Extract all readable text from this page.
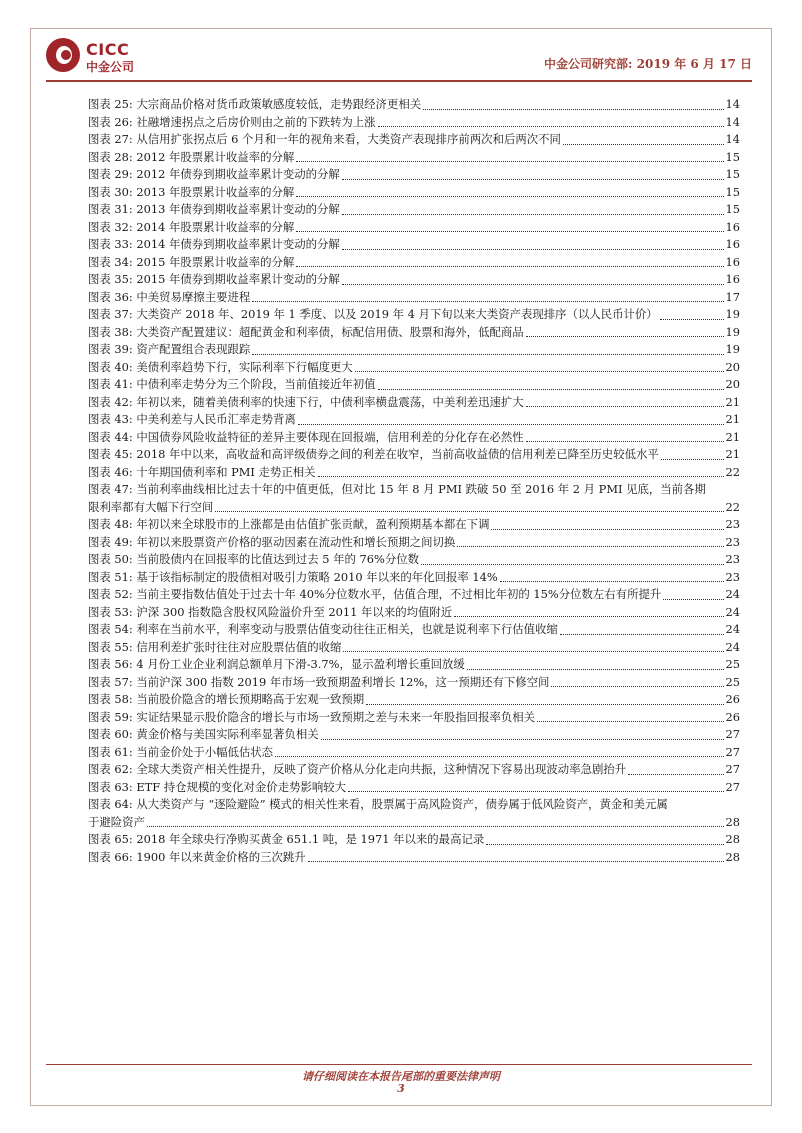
CICC
中金公司	中金公司研究部: 2019 年 6 月 17 日
图表 25: 大宗商品价格对货币政策敏感度较低，走势跟经济更相关	14
图表 26: 社融增速拐点之后房价则由之前的下跌转为上涨	14
图表 27: 从信用扩张拐点后 6 个月和一年的视角来看，大类资产表现排序前两次和后两次不同	14
图表 28: 2012 年股票累计收益率的分解	15
图表 29: 2012 年债券到期收益率累计变动的分解	15
图表 30: 2013 年股票累计收益率的分解	15
图表 31: 2013 年债券到期收益率累计变动的分解	15
图表 32: 2014 年股票累计收益率的分解	16
图表 33: 2014 年债券到期收益率累计变动的分解	16
图表 34: 2015 年股票累计收益率的分解	16
图表 35: 2015 年债券到期收益率累计变动的分解	16
图表 36: 中美贸易摩擦主要进程	17
图表 37: 大类资产 2018 年、2019 年 1 季度、以及 2019 年 4 月下旬以来大类资产表现排序（以人民币计价）	19
图表 38: 大类资产配置建议：超配黄金和利率债，标配信用债、股票和海外，低配商品	19
图表 39: 资产配置组合表现跟踪	19
图表 40: 美债利率趋势下行，实际利率下行幅度更大	20
图表 41: 中债利率走势分为三个阶段，当前值接近年初值	20
图表 42: 年初以来，随着美债利率的快速下行，中债利率横盘震荡，中美利差迅速扩大	21
图表 43: 中美利差与人民币汇率走势背离	21
图表 44: 中国债券风险收益特征的差异主要体现在回报端，信用利差的分化存在必然性	21
图表 45: 2018 年中以来，高收益和高评级债券之间的利差在收窄，当前高收益债的信用利差已降至历史较低水平	21
图表 46: 十年期国债利率和 PMI 走势正相关	22
图表 47: 当前利率曲线相比过去十年的中值更低，但对比 15 年 8 月 PMI 跌破 50 至 2016 年 2 月 PMI 见底，当前各期
限利率都有大幅下行空间	22
图表 48: 年初以来全球股市的上涨都是由估值扩张贡献，盈利预期基本都在下调	23
图表 49: 年初以来股票资产价格的驱动因素在流动性和增长预期之间切换	23
图表 50: 当前股债内在回报率的比值达到过去 5 年的 76%分位数	23
图表 51: 基于该指标制定的股债相对吸引力策略 2010 年以来的年化回报率 14%	23
图表 52: 当前主要指数估值处于过去十年 40%分位数水平，估值合理，不过相比年初的 15%分位数左右有所提升	24
图表 53: 沪深 300 指数隐含股权风险溢价升至 2011 年以来的均值附近	24
图表 54: 利率在当前水平，利率变动与股票估值变动往往正相关，也就是说利率下行估值收缩	24
图表 55: 信用利差扩张时往往对应股票估值的收缩	24
图表 56: 4 月份工业企业利润总额单月下滑-3.7%，显示盈利增长重回放缓	25
图表 57: 当前沪深 300 指数 2019 年市场一致预期盈利增长 12%，这一预期还有下修空间	25
图表 58: 当前股价隐含的增长预期略高于宏观一致预期	26
图表 59: 实证结果显示股价隐含的增长与市场一致预期之差与未来一年股指回报率负相关	26
图表 60: 黄金价格与美国实际利率显著负相关	27
图表 61: 当前金价处于小幅低估状态	27
图表 62: 全球大类资产相关性提升，反映了资产价格从分化走向共振，这种情况下容易出现波动率急剧抬升	27
图表 63: ETF 持仓规模的变化对金价走势影响较大	27
图表 64: 从大类资产与 “逐险避险” 模式的相关性来看，股票属于高风险资产，债券属于低风险资产，黄金和美元属
于避险资产	28
图表 65: 2018 年全球央行净购买黄金 651.1 吨，是 1971 年以来的最高记录	28
图表 66: 1900 年以来黄金价格的三次跳升	28
请仔细阅读在本报告尾部的重要法律声明
3
